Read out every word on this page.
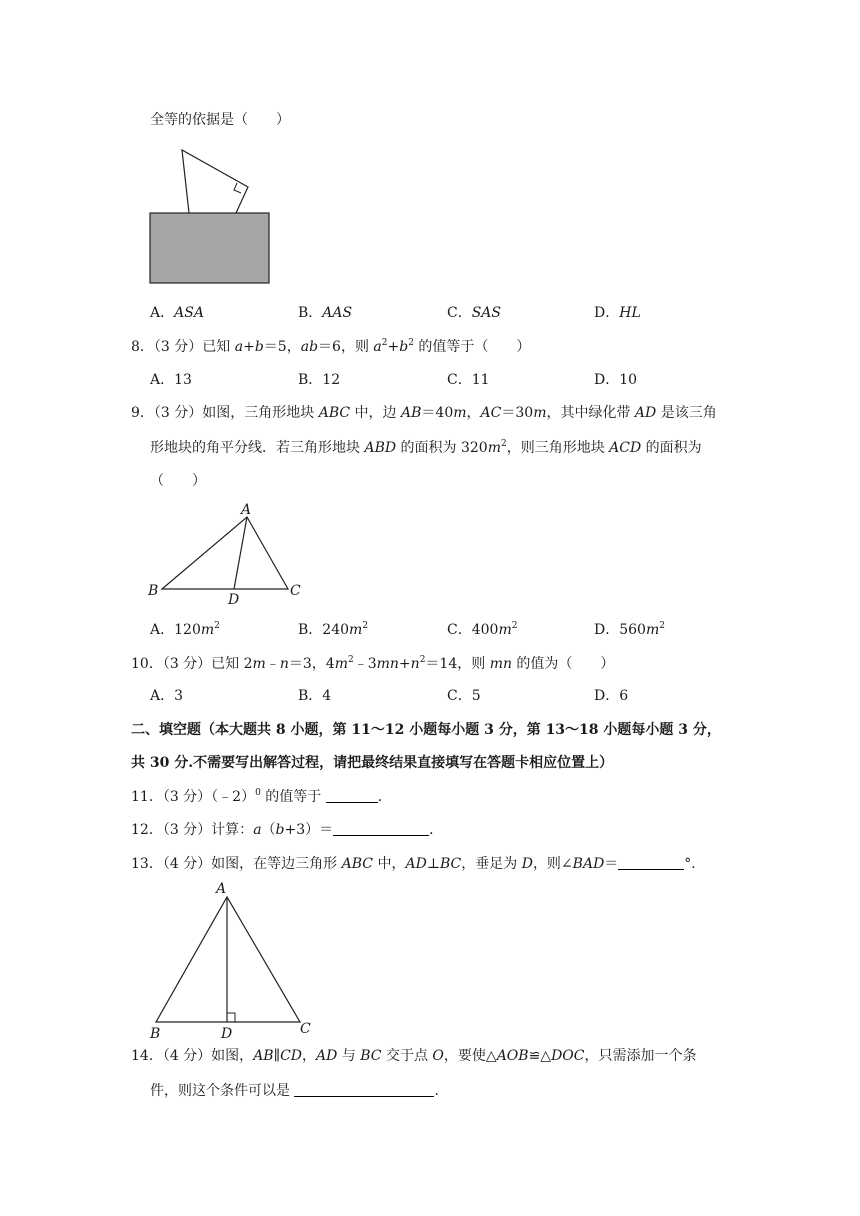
全等的依据是（　　）
A．ASA	B．AAS	C．SAS	D．HL
8．（3 分）已知 a+b＝5，ab＝6，则 $a^2+b^2$ 的值等于（　　）
A．13	B．12	C．11	D．10
9．（3 分）如图，三角形地块 ABC 中，边 AB＝40m，AC＝30m，其中绿化带 AD 是该三角
形地块的角平分线．若三角形地块 ABD 的面积为 $320m^2$，则三角形地块 ACD 的面积为
（　　）
A
B
D
C
A．$120m^2$	B．$240m^2$	C．$400m^2$	D．$560m^2$
10．（3 分）已知 2m﹣n＝3，$4m^2﹣3mn+n^2=14$，则 mn 的值为（　　）
A．3	B．4	C．5	D．6
二、填空题（本大题共 8 小题，第 11～12 小题每小题 3 分，第 13～18 小题每小题 3 分，
共 30 分.不需要写出解答过程，请把最终结果直接填写在答题卡相应位置上）
11．（3 分）（﹣2）$^0$ 的值等于	．
12．（3 分）计算：a（b+3）＝	．
13．（4 分）如图，在等边三角形 ABC 中，AD⊥BC，垂足为 D，则∠BAD＝	°．
A
B	D	C
14．（4 分）如图，AB∥CD，AD 与 BC 交于点 O，要使△AOB≌△DOC，只需添加一个条
件，则这个条件可以是	．
